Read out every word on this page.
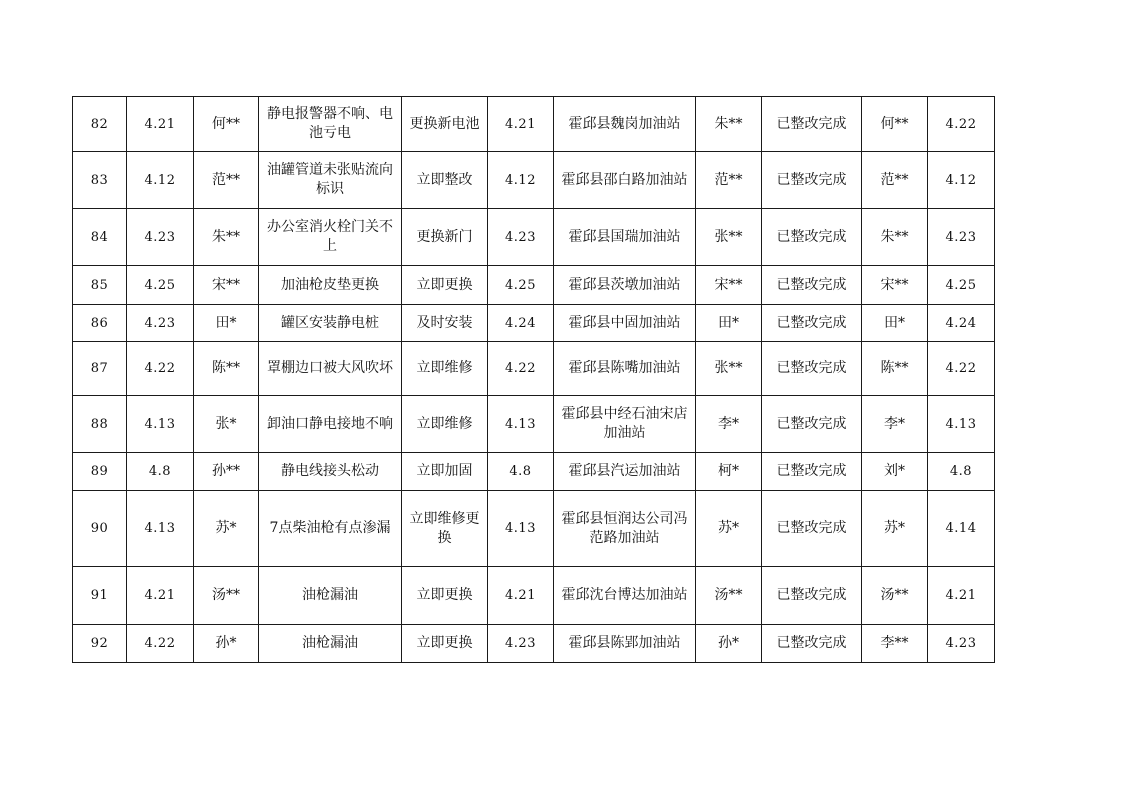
82	4.21	何**	静电报警器不响、电池亏电	更换新电池	4.21	霍邱县魏岗加油站	朱**	已整改完成	何**	4.22
83	4.12	范**	油罐管道未张贴流向标识	立即整改	4.12	霍邱县邵白路加油站	范**	已整改完成	范**	4.12
84	4.23	朱**	办公室消火栓门关不上	更换新门	4.23	霍邱县国瑞加油站	张**	已整改完成	朱**	4.23
85	4.25	宋**	加油枪皮垫更换	立即更换	4.25	霍邱县茨墩加油站	宋**	已整改完成	宋**	4.25
86	4.23	田*	罐区安装静电桩	及时安装	4.24	霍邱县中固加油站	田*	已整改完成	田*	4.24
87	4.22	陈**	罩棚边口被大风吹坏	立即维修	4.22	霍邱县陈嘴加油站	张**	已整改完成	陈**	4.22
88	4.13	张*	卸油口静电接地不响	立即维修	4.13	霍邱县中经石油宋店加油站	李*	已整改完成	李*	4.13
89	4.8	孙**	静电线接头松动	立即加固	4.8	霍邱县汽运加油站	柯*	已整改完成	刘*	4.8
90	4.13	苏*	7点柴油枪有点渗漏	立即维修更换	4.13	霍邱县恒润达公司冯范路加油站	苏*	已整改完成	苏*	4.14
91	4.21	汤**	油枪漏油	立即更换	4.21	霍邱沈台博达加油站	汤**	已整改完成	汤**	4.21
92	4.22	孙*	油枪漏油	立即更换	4.23	霍邱县陈郢加油站	孙*	已整改完成	李**	4.23
